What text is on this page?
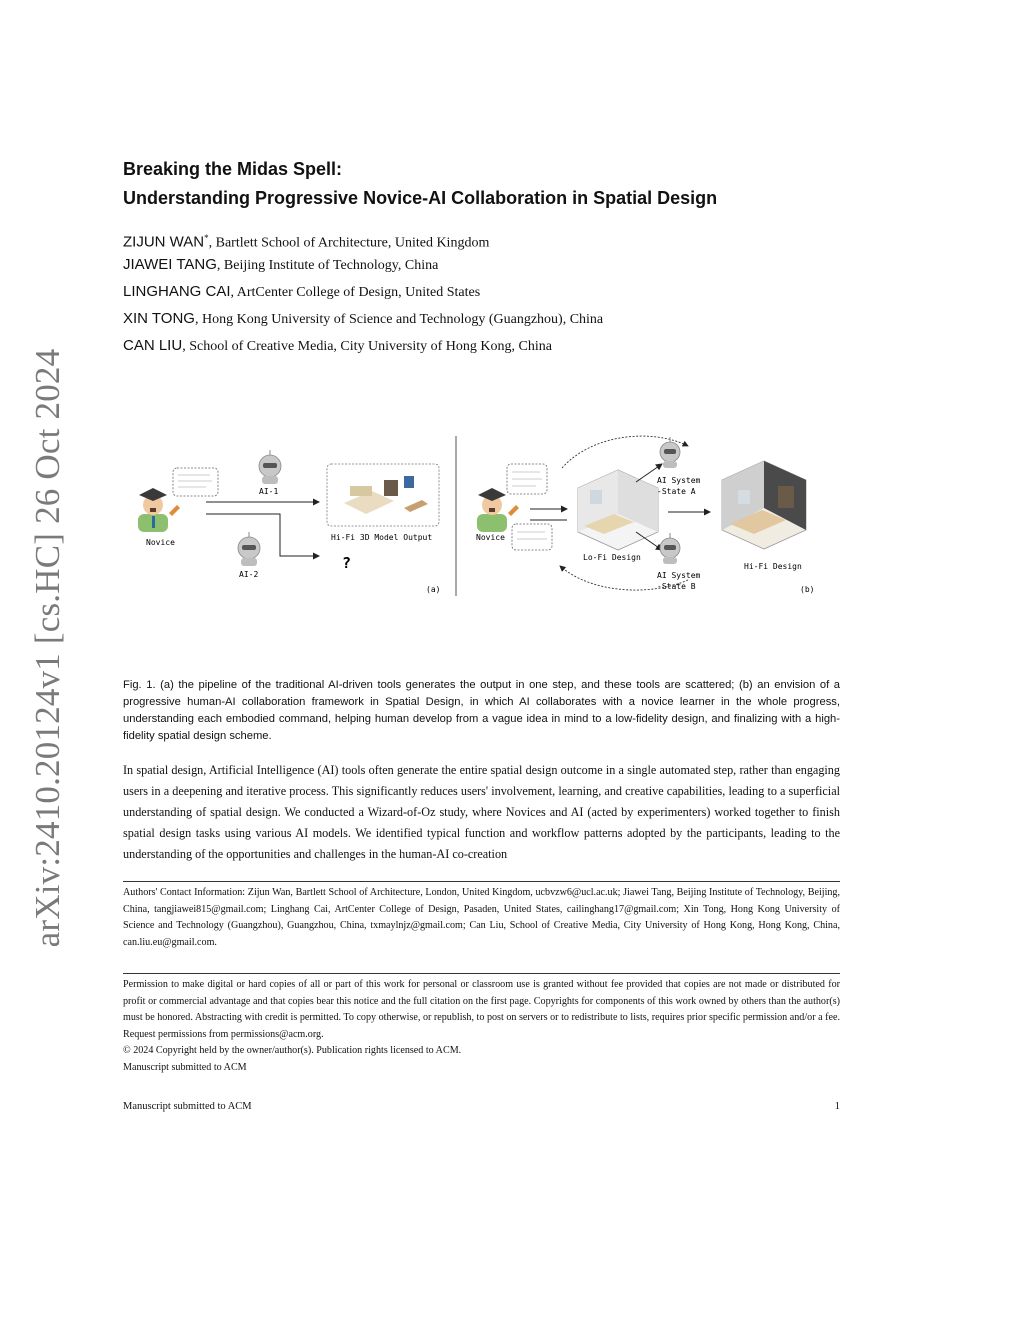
arXiv:2410.20124v1 [cs.HC] 26 Oct 2024
Breaking the Midas Spell:
Understanding Progressive Novice-AI Collaboration in Spatial Design
ZIJUN WAN*, Bartlett School of Architecture, United Kingdom
JIAWEI TANG, Beijing Institute of Technology, China
LINGHANG CAI, ArtCenter College of Design, United States
XIN TONG, Hong Kong University of Science and Technology (Guangzhou), China
CAN LIU, School of Creative Media, City University of Hong Kong, China
Novice
AI-1
AI-2
Hi-Fi 3D Model Output
?
(a)
Novice
Lo-Fi Design
AI System
-State A
AI System
-State B
Hi-Fi Design
(b)
Fig. 1. (a) the pipeline of the traditional AI-driven tools generates the output in one step, and these tools are scattered; (b) an envision of a progressive human-AI collaboration framework in Spatial Design, in which AI collaborates with a novice learner in the whole progress, understanding each embodied command, helping human develop from a vague idea in mind to a low-fidelity design, and finalizing with a high-fidelity spatial design scheme.
In spatial design, Artificial Intelligence (AI) tools often generate the entire spatial design outcome in a single automated step, rather than engaging users in a deepening and iterative process. This significantly reduces users' involvement, learning, and creative capabilities, leading to a superficial understanding of spatial design. We conducted a Wizard-of-Oz study, where Novices and AI (acted by experimenters) worked together to finish spatial design tasks using various AI models. We identified typical function and workflow patterns adopted by the participants, leading to the understanding of the opportunities and challenges in the human-AI co-creation
Authors' Contact Information: Zijun Wan, Bartlett School of Architecture, London, United Kingdom, ucbvzw6@ucl.ac.uk; Jiawei Tang, Beijing Institute of Technology, Beijing, China, tangjiawei815@gmail.com; Linghang Cai, ArtCenter College of Design, Pasaden, United States, cailinghang17@gmail.com; Xin Tong, Hong Kong University of Science and Technology (Guangzhou), Guangzhou, China, txmaylnjz@gmail.com; Can Liu, School of Creative Media, City University of Hong Kong, Hong Kong, China, can.liu.eu@gmail.com.
Permission to make digital or hard copies of all or part of this work for personal or classroom use is granted without fee provided that copies are not made or distributed for profit or commercial advantage and that copies bear this notice and the full citation on the first page. Copyrights for components of this work owned by others than the author(s) must be honored. Abstracting with credit is permitted. To copy otherwise, or republish, to post on servers or to redistribute to lists, requires prior specific permission and/or a fee. Request permissions from permissions@acm.org.
© 2024 Copyright held by the owner/author(s). Publication rights licensed to ACM.
Manuscript submitted to ACM
Manuscript submitted to ACM	1
